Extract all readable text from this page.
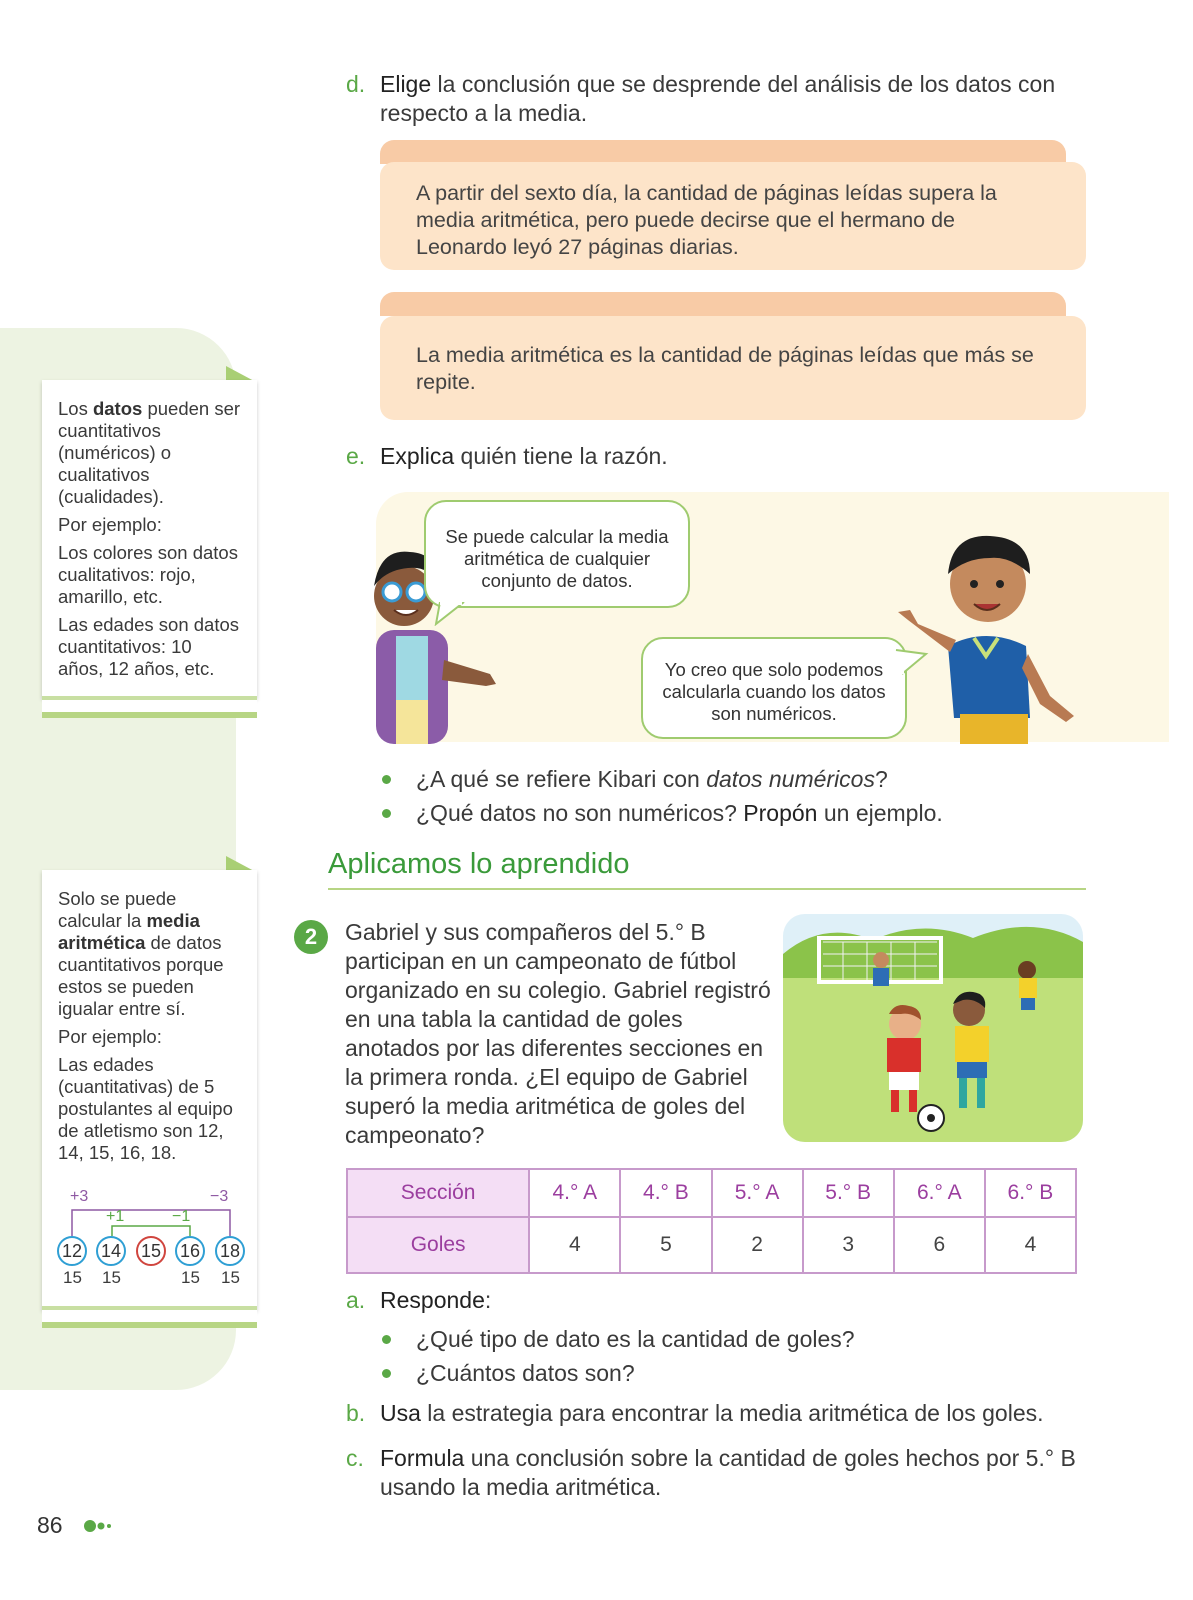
Los datos pueden ser cuantitativos (numéricos) o cualitativos (cualidades).

Por ejemplo:

Los colores son datos cualitativos: rojo, amarillo, etc.

Las edades son datos cuantitativos: 10 años, 12 años, etc.

Solo se puede calcular la media aritmética de datos cuantitativos porque estos se pueden igualar entre sí.

Por ejemplo:

Las edades (cuantitativas) de 5 postulantes al equipo de atletismo son 12, 14, 15, 16, 18.

+3	−3
+1	−1
12 14 15 16 18
15 15	15 15
d. Elige la conclusión que se desprende del análisis de los datos con respecto a la media.
A partir del sexto día, la cantidad de páginas leídas supera la media aritmética, pero puede decirse que el hermano de Leonardo leyó 27 páginas diarias.
La media aritmética es la cantidad de páginas leídas que más se repite.
e. Explica quién tiene la razón.
Se puede calcular la media aritmética de cualquier conjunto de datos.
Yo creo que solo podemos calcularla cuando los datos son numéricos.
¿A qué se refiere Kibari con datos numéricos?
¿Qué datos no son numéricos? Propón un ejemplo.
Aplicamos lo aprendido
2	Gabriel y sus compañeros del 5.° B participan en un campeonato de fútbol organizado en su colegio. Gabriel registró en una tabla la cantidad de goles anotados por las diferentes secciones en la primera ronda. ¿El equipo de Gabriel superó la media aritmética de goles del campeonato?
Sección	4.° A	4.° B	5.° A	5.° B	6.° A	6.° B
Goles	4	5	2	3	6	4
a. Responde:
¿Qué tipo de dato es la cantidad de goles?
¿Cuántos datos son?
b. Usa la estrategia para encontrar la media aritmética de los goles.
c. Formula una conclusión sobre la cantidad de goles hechos por 5.° B usando la media aritmética.
86
